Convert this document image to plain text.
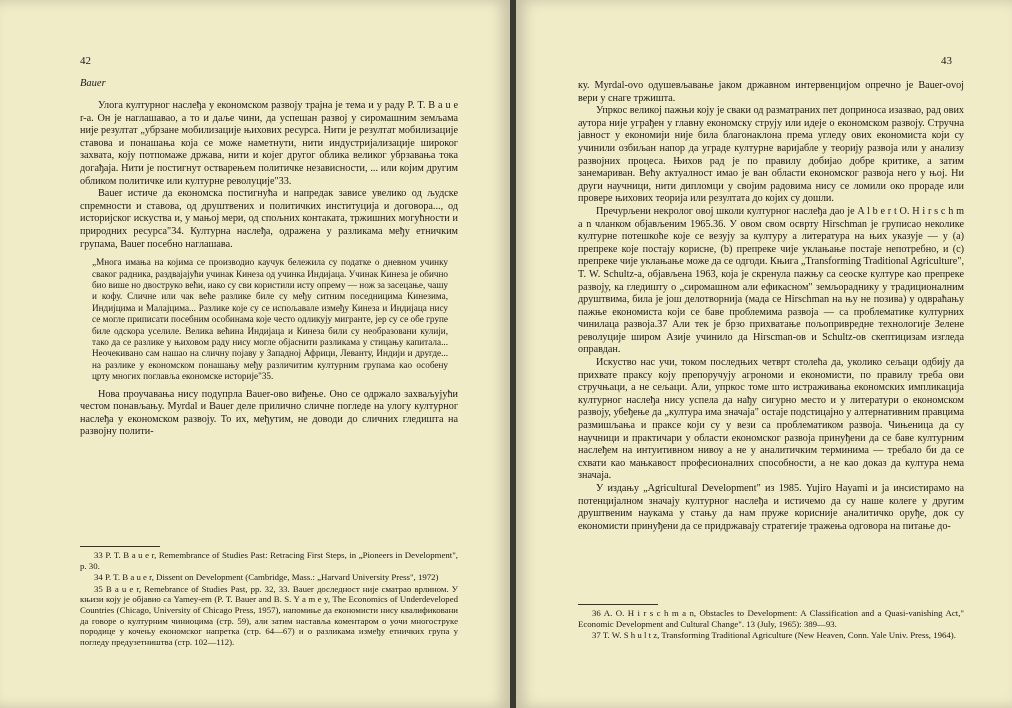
42
Bauer

Улога културног наслеђа у економском развоју трајна је тема и у раду P. T. B a u e r-a. Он је наглашавао, а то и даље чини, да успешан развој у сиромашним земљама није резултат „убрзане мобилизације њихових ресурса. Нити је резултат мобилизације ставова и понашања која се може наметнути, нити индустријализације широког захвата, коју потпомаже држава, нити и којег другог облика великог убрзавања тока догађаја. Нити је постигнут остварењем политичке независности, ... или којим другим обликом политичке или културне револуције"33.

Bauer истиче да економска постигнућа и напредак зависе увелико од људске спремности и ставова, од друштвених и политичких институција и договора..., од историјског искуства и, у мањој мери, од спољних контаката, тржишних могућности и природних ресурса"34. Културна наслеђа, одражена у разликама међу етничким групама, Bauer посебно наглашава.

„Многа имања на којима се производио каучук бележила су податке о дневном учинку сваког радника, раздвајајући учинак Кинеза од учинка Индијаца. Учинак Кинеза је обично био више но двоструко већи, иако су сви користили исту опрему — нож за засецање, чашу и кофу. Сличне или чак веће разлике биле су међу ситним поседницима Кинезима, Индијцима и Малајцима... Разлике које су се испољавале између Кинеза и Индијаца нису се могле приписати посебним особинама које често одликују мигранте, јер су се обе групе биле одскора уселиле. Велика већина Индијаца и Кинеза били су необразовани кулији, тако да се разлике у њиховом раду нису могле објаснити разликама у стицању капитала... Неочекивано сам нашао на сличну појаву у Западној Африци, Леванту, Индији и другде... на разлике у економском понашању међу различитим културним групама као особену црту многих поглавља економске историје"35.

Нова проучавања нису подупрла Bauer-ово виђење. Оно се одржало захваљујући честом понављању. Myrdal и Bauer деле прилично сличне погледе на улогу културног наслеђа у економском развоју. То их, међутим, не доводи до сличних гледишта на развојну полити-

33 P. T. B a u e r, Remembrance of Studies Past: Retracing First Steps, in „Pioneers in Development", p. 30.

34 P. T. B a u e r, Dissent on Development (Cambridge, Mass.: „Harvard University Press", 1972)

35 B a u e r, Remebrance of Studies Past, pp. 32, 33. Bauer доследност није сматрао врлином. У књизи коју је објавио са Yamey-em (P. T. Bauer and B. S. Y a m e y, The Economics of Underdeveloped Countries (Chicago, University of Chicago Press, 1957), напомиње да економисти нису квалификовани да говоре о културним чиниоцима (стр. 59), али затим наставља коментаром о уочи многоструке породице у кочењу економског напретка (стр. 64—67) и о разликама између етничких група у погледу предузетништва (стр. 102—112).

43

ку. Myrdal-ovo одушевљавање јаком државном интервенцијом опречно је Bauer-ovoj вери у снаге тржишта.

Упркос великој пажњи коју је сваки од разматраних пет доприноса изазвао, рад ових аутора није уграђен у главну економску струју или идеје о економском развоју. Стручна јавност у економији није била благонаклона према угледу ових економиста који су учинили озбиљан напор да уграде културне варијабле у теорију развоја или у анализу развојних процеса. Њихов рад је по правилу добијао добре критике, а затим занемариван. Већу актуалност имао је ван области економског развоја него у њој. Ни други научници, нити дипломци у својим радовима нису се ломили око прораде или провере њихових теорија или резултата до којих су дошли.

Пречурљени некролог овој школи културног наслеђа дао је A l b e r t O. H i r s c h m a n чланком објављеним 1965.36. У овом свом осврту Hirschman је груписао неколике културне потешкоће које се везују за културу а литература на њих указује — у (a) препреке које постају корисне, (b) препреке чије уклањање постаје непотребно, и (c) препреке чије уклањање може да се одгоди. Књига „Transforming Traditional Agriculture", T. W. Schultz-a, објављена 1963, која је скренула пажњу са сеоске културе као препреке развоју, ка гледишту о „сиромашном али ефикасном" земљораднику у традиционалним друштвима, била је још делотворнија (мада се Hirschman на њу не позива) у одвраћању пажње економиста који се баве проблемима развоја — са проблематике културних чинилаца развоја.37 Али тек је брзо прихватање пољопривредне технологије Зелене револуције широм Азије учинило да Hirscman-ов и Schultz-ов скептицизам изгледа оправдан.

Искуство нас учи, током последњих четврт столећа да, уколико сељаци одбију да прихвате праксу коју препоручују агрономи и економисти, по правилу треба ови стручњаци, а не сељаци. Али, упркос томе што истраживања економских импликација културног наслеђа нису успела да нађу сигурно место и у литератури о економском развоју, убеђење да „култура има значаја" остаје подстицајно у алтернативним правцима размишљања и праксе који су у вези са проблематиком развоја. Чињеница да су научници и практичари у области економског развоја принуђени да се баве културним наслеђем на интуитивном нивоу а не у аналитичким терминима — требало би да се схвати као мањкавост професионалних способности, а не као доказ да култура нема значаја.

У издању „Agricultural Development" из 1985. Yujiro Hayami и ја инсистирамо на потенцијалном значају културног наслеђа и истичемо да су наше колеге у другим друштвеним наукама у стању да нам пруже корисније аналитичко оруђе, док су економисти принуђени да се придржавају стратегије тражења одговора на питање до-

36 A. O. H i r s c h m a n, Obstacles to Development: A Classification and a Quasi-vanishing Act," Economic Development and Cultural Change". 13 (July, 1965): 389—93.

37 T. W. S h u l t z, Transforming Traditional Agriculture (New Heaven, Conn. Yale Univ. Press, 1964).
